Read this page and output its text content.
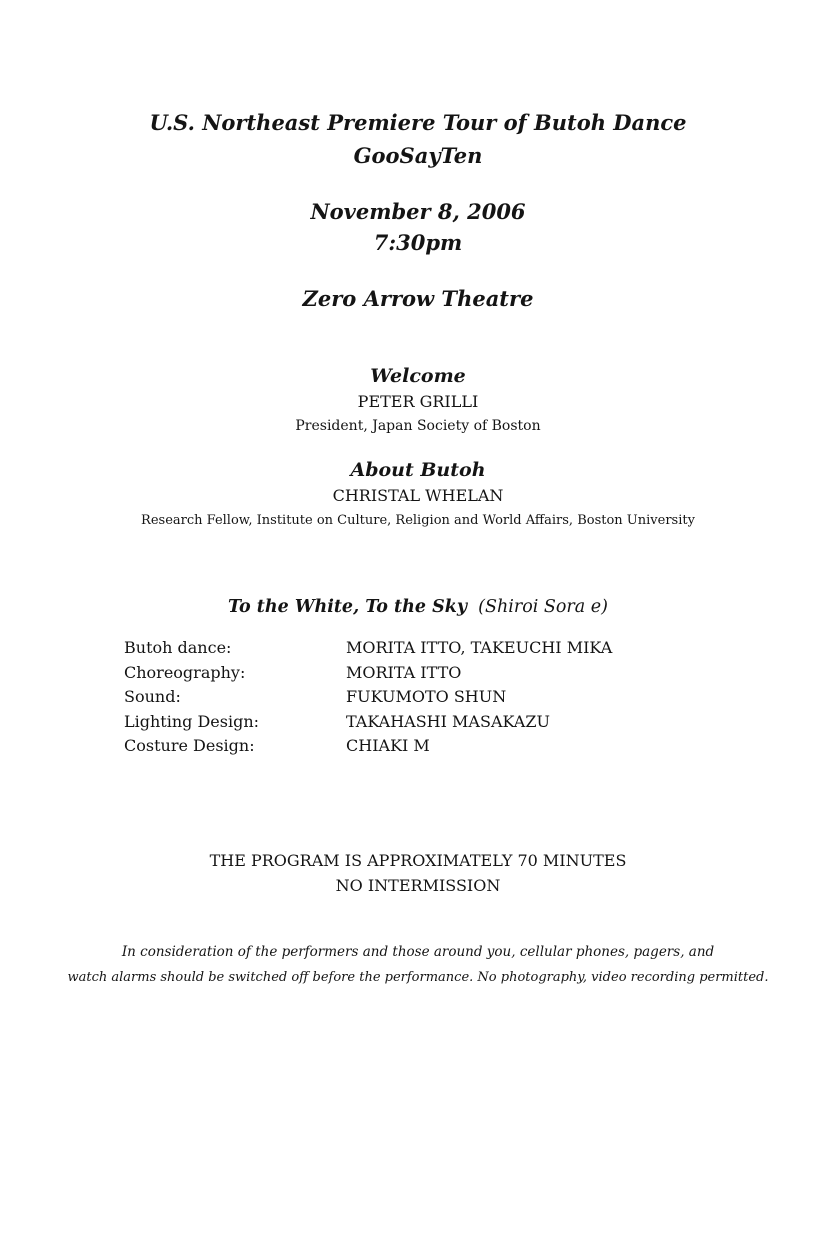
U.S. Northeast Premiere Tour of Butoh Dance
GooSayTen
November 8, 2006
7:30pm
Zero Arrow Theatre
Welcome
PETER GRILLI
President, Japan Society of Boston
About Butoh
CHRISTAL WHELAN
Research Fellow, Institute on Culture, Religion and World Affairs, Boston University
To the White, To the Sky (Shiroi Sora e)
Butoh dance:	MORITA ITTO, TAKEUCHI MIKA
Choreography:	MORITA ITTO
Sound:	FUKUMOTO SHUN
Lighting Design:	TAKAHASHI MASAKAZU
Costure Design:	CHIAKI M
THE PROGRAM IS APPROXIMATELY 70 MINUTES
NO INTERMISSION
In consideration of the performers and those around you, cellular phones, pagers, and
watch alarms should be switched off before the performance. No photography, video recording permitted.
